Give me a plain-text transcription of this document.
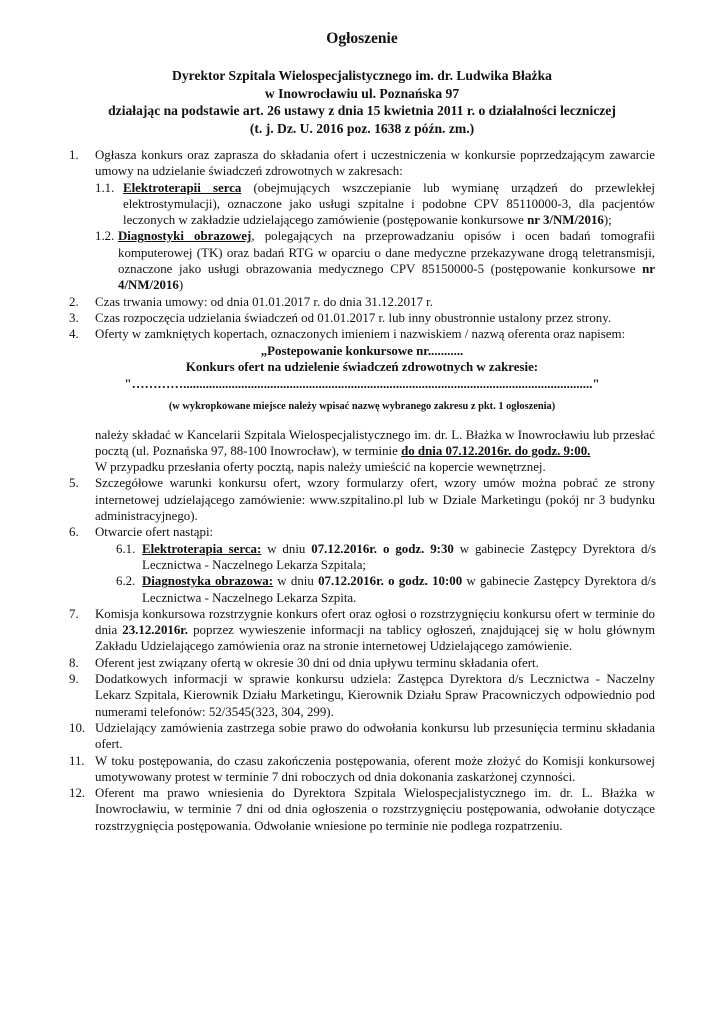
Ogłoszenie
Dyrektor Szpitala Wielospecjalistycznego im. dr. Ludwika Błażka
w Inowrocławiu ul. Poznańska 97
działając na podstawie art. 26 ustawy z dnia 15 kwietnia 2011 r. o działalności leczniczej
(t. j. Dz. U. 2016 poz. 1638 z późn. zm.)
1. Ogłasza konkurs oraz zaprasza do składania ofert i uczestniczenia w konkursie poprzedzającym zawarcie umowy na udzielanie świadczeń zdrowotnych w zakresach:
1.1. Elektroterapii serca (obejmujących wszczepianie lub wymianę urządzeń do przewlekłej elektrostymulacji), oznaczone jako usługi szpitalne i podobne CPV 85110000-3, dla pacjentów leczonych w zakładzie udzielającego zamówienie (postępowanie konkursowe nr 3/NM/2016);
1.2. Diagnostyki obrazowej, polegających na przeprowadzaniu opisów i ocen badań tomografii komputerowej (TK) oraz badań RTG w oparciu o dane medyczne przekazywane drogą teletransmisji, oznaczone jako usługi obrazowania medycznego CPV 85150000-5 (postępowanie konkursowe nr 4/NM/2016)
2. Czas trwania umowy: od dnia 01.01.2017 r. do dnia 31.12.2017 r.
3. Czas rozpoczęcia udzielania świadczeń od 01.01.2017 r. lub inny obustronnie ustalony przez strony.
4. Oferty w zamkniętych kopertach, oznaczonych imieniem i nazwiskiem / nazwą oferenta oraz napisem:
„Postepowanie konkursowe nr...........
Konkurs ofert na udzielenie świadczeń zdrowotnych w zakresie:
"…………..............................................................................................................................."
(w wykropkowane miejsce należy wpisać nazwę wybranego zakresu z pkt. 1 ogłoszenia)
należy składać w Kancelarii Szpitala Wielospecjalistycznego im. dr. L. Błażka w Inowrocławiu lub przesłać pocztą (ul. Poznańska 97, 88-100 Inowrocław), w terminie do dnia 07.12.2016r. do godz. 9:00.
W przypadku przesłania oferty pocztą, napis należy umieścić na kopercie wewnętrznej.
5. Szczegółowe warunki konkursu ofert, wzory formularzy ofert, wzory umów można pobrać ze strony internetowej udzielającego zamówienie: www.szpitalino.pl lub w Dziale Marketingu (pokój nr 3 budynku administracyjnego).
6. Otwarcie ofert nastąpi:
6.1. Elektroterapia serca: w dniu 07.12.2016r. o godz. 9:30 w gabinecie Zastępcy Dyrektora d/s Lecznictwa - Naczelnego Lekarza Szpitala;
6.2. Diagnostyka obrazowa: w dniu 07.12.2016r. o godz. 10:00 w gabinecie Zastępcy Dyrektora d/s Lecznictwa - Naczelnego Lekarza Szpita.
7. Komisja konkursowa rozstrzygnie konkurs ofert oraz ogłosi o rozstrzygnięciu konkursu ofert w terminie do dnia 23.12.2016r. poprzez wywieszenie informacji na tablicy ogłoszeń, znajdującej się w holu głównym Zakładu Udzielającego zamówienia oraz na stronie internetowej Udzielającego zamówienie.
8. Oferent jest związany ofertą w okresie 30 dni od dnia upływu terminu składania ofert.
9. Dodatkowych informacji w sprawie konkursu udziela: Zastępca Dyrektora d/s Lecznictwa - Naczelny Lekarz Szpitala, Kierownik Działu Marketingu, Kierownik Działu Spraw Pracowniczych odpowiednio pod numerami telefonów: 52/3545(323, 304, 299).
10. Udzielający zamówienia zastrzega sobie prawo do odwołania konkursu lub przesunięcia terminu składania ofert.
11. W toku postępowania, do czasu zakończenia postępowania, oferent może złożyć do Komisji konkursowej umotywowany protest w terminie 7 dni roboczych od dnia dokonania zaskarżonej czynności.
12. Oferent ma prawo wniesienia do Dyrektora Szpitala Wielospecjalistycznego im. dr. L. Błażka w Inowrocławiu, w terminie 7 dni od dnia ogłoszenia o rozstrzygnięciu postępowania, odwołanie dotyczące rozstrzygnięcia postępowania. Odwołanie wniesione po terminie nie podlega rozpatrzeniu.
